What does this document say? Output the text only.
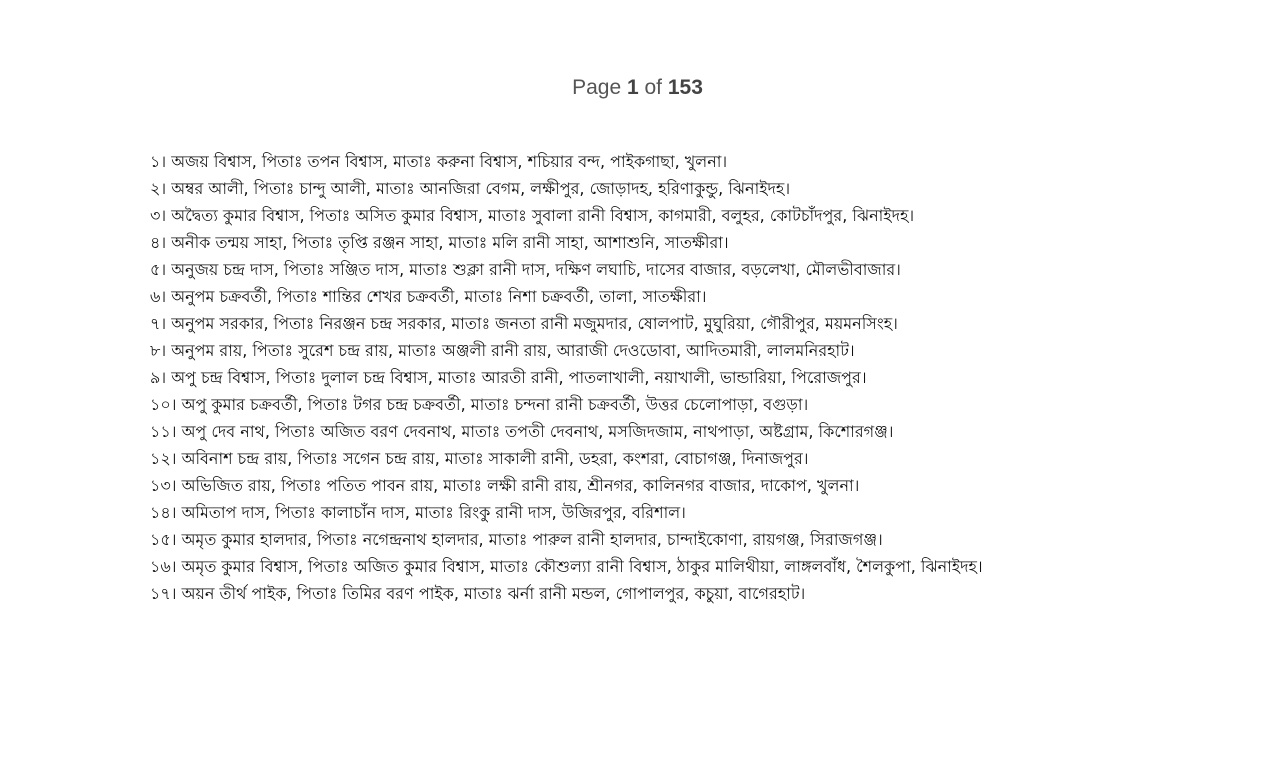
Page 1 of 153
১। অজয় বিশ্বাস, পিতাঃ তপন বিশ্বাস, মাতাঃ করুনা বিশ্বাস, শচিয়ার বন্দ, পাইকগাছা, খুলনা।
২। অম্বর আলী, পিতাঃ চান্দু আলী, মাতাঃ আনজিরা বেগম, লক্ষীপুর, জোড়াদহ, হরিণাকুন্ডু, ঝিনাইদহ।
৩। অদ্বৈত্য কুমার বিশ্বাস, পিতাঃ অসিত কুমার বিশ্বাস, মাতাঃ সুবালা রানী বিশ্বাস, কাগমারী, বলুহর, কোটচাঁদপুর, ঝিনাইদহ।
৪। অনীক তন্ময় সাহা, পিতাঃ তৃপ্তি রঞ্জন সাহা, মাতাঃ মলি রানী সাহা, আশাশুনি, সাতক্ষীরা।
৫। অনুজয় চন্দ্র দাস, পিতাঃ সঞ্জিত দাস, মাতাঃ শুক্লা রানী দাস, দক্ষিণ লঘাচি, দাসের বাজার, বড়লেখা, মৌলভীবাজার।
৬। অনুপম চক্রবর্তী, পিতাঃ শান্তির শেখর চক্রবর্তী, মাতাঃ নিশা চক্রবর্তী, তালা, সাতক্ষীরা।
৭। অনুপম সরকার, পিতাঃ নিরঞ্জন চন্দ্র সরকার, মাতাঃ জনতা রানী মজুমদার, ষোলপাট, মুঘুরিয়া, গৌরীপুর, ময়মনসিংহ।
৮। অনুপম রায়, পিতাঃ সুরেশ চন্দ্র রায়, মাতাঃ অঞ্জলী রানী রায়, আরাজী দেওডোবা, আদিতমারী, লালমনিরহাট।
৯। অপু চন্দ্র বিশ্বাস, পিতাঃ দুলাল চন্দ্র বিশ্বাস, মাতাঃ আরতী রানী, পাতলাখালী, নয়াখালী, ভান্ডারিয়া, পিরোজপুর।
১০। অপু কুমার চক্রবর্তী, পিতাঃ টগর চন্দ্র চক্রবর্তী, মাতাঃ চন্দনা রানী চক্রবর্তী, উত্তর চেলোপাড়া, বগুড়া।
১১। অপু দেব নাথ, পিতাঃ অজিত বরণ দেবনাথ, মাতাঃ তপতী দেবনাথ, মসজিদজাম, নাথপাড়া, অষ্টগ্রাম, কিশোরগঞ্জ।
১২। অবিনাশ চন্দ্র রায়, পিতাঃ সগেন চন্দ্র রায়, মাতাঃ সাকালী রানী, ডহরা, কংশরা, বোচাগঞ্জ, দিনাজপুর।
১৩। অভিজিত রায়, পিতাঃ পতিত পাবন রায়, মাতাঃ লক্ষী রানী রায়, শ্রীনগর, কালিনগর বাজার, দাকোপ, খুলনা।
১৪। অমিতাপ দাস, পিতাঃ কালাচাঁন দাস, মাতাঃ রিংকু রানী দাস, উজিরপুর, বরিশাল।
১৫। অমৃত কুমার হালদার, পিতাঃ নগেন্দ্রনাথ হালদার, মাতাঃ পারুল রানী হালদার, চান্দাইকোণা, রায়গঞ্জ, সিরাজগঞ্জ।
১৬। অমৃত কুমার বিশ্বাস, পিতাঃ অজিত কুমার বিশ্বাস, মাতাঃ কৌশুল্যা রানী বিশ্বাস, ঠাকুর মালিথীয়া, লাঙ্গলবাঁধ, শৈলকুপা, ঝিনাইদহ।
১৭। অয়ন তীর্থ পাইক, পিতাঃ তিমির বরণ পাইক, মাতাঃ ঝর্না রানী মন্ডল, গোপালপুর, কচুয়া, বাগেরহাট।
